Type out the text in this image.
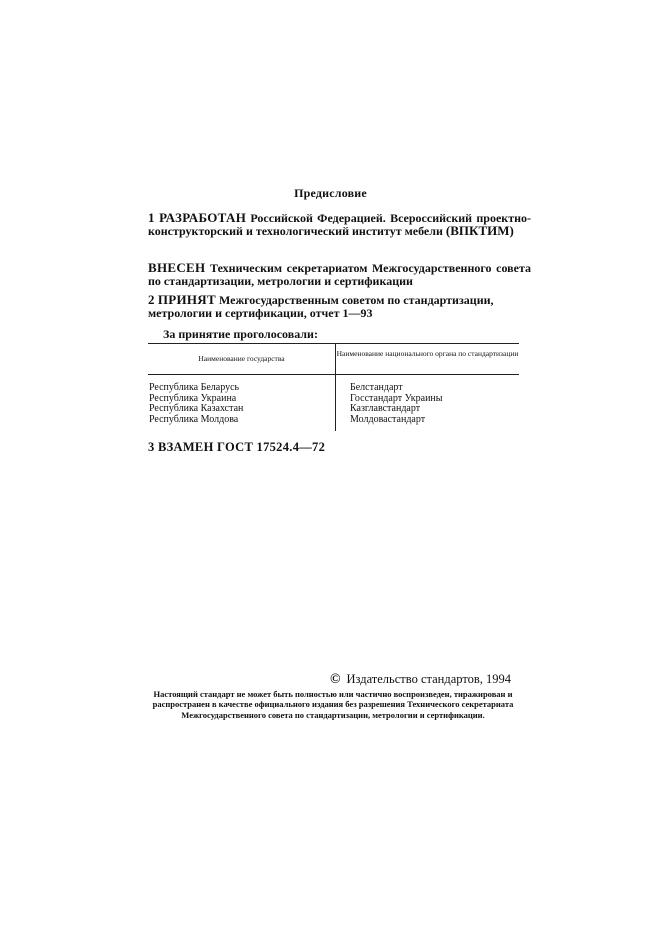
Предисловие
1 РАЗРАБОТАН Российской Федерацией. Всероссийский проектно-конструкторский и технологический институт мебели (ВПКТИМ)
ВНЕСЕН Техническим секретариатом Межгосударственного совета по стандартизации, метрологии и сертификации
2 ПРИНЯТ Межгосударственным советом по стандартизации, метрологии и сертификации, отчет 1—93
За принятие проголосовали:
Наименование государства
Наименование национального органа по стандартизации
Республика Беларусь
Республика Украина
Республика Казахстан
Республика Молдова
Белстандарт
Госстандарт Украины
Казглавстандарт
Молдовастандарт
3 ВЗАМЕН ГОСТ 17524.4—72
© Издательство стандартов, 1994
Настоящий стандарт не может быть полностью или частично воспроизведен, тиражирован и распространен в качестве официального издания без разрешения Технического секретариата Межгосударственного совета по стандартизации, метрологии и сертификации.
